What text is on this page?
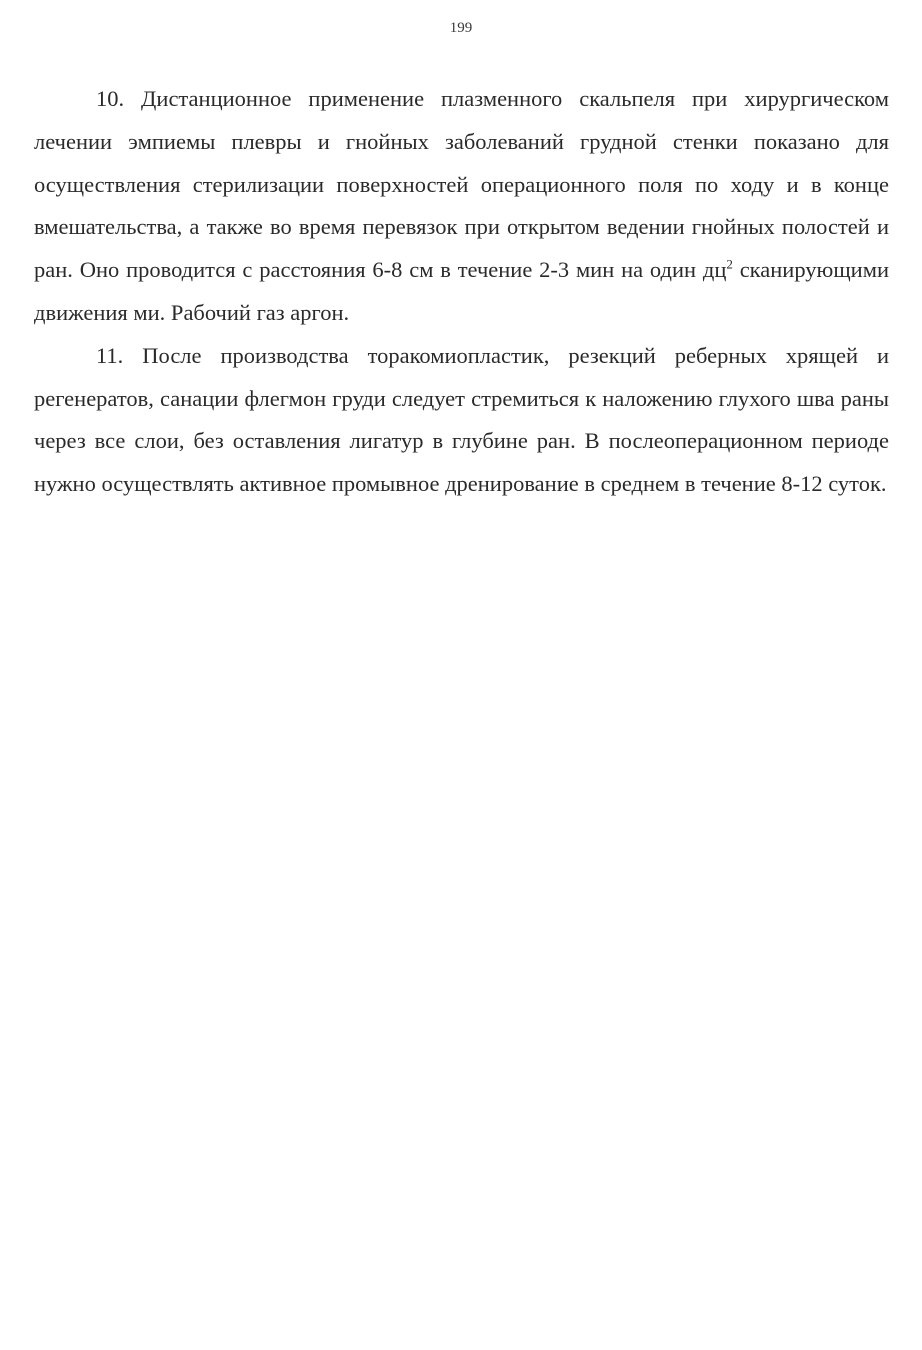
199

10. Дистанционное применение плазменного скальпеля при хирургическом лечении эмпиемы плевры и гнойных заболеваний грудной стенки показано для осуществления стерилизации поверхностей операционного поля по ходу и в конце вмешательства, а также во время перевязок при открытом ведении гнойных полостей и ран. Оно проводится с расстояния 6-8 см в течение 2-3 мин на один $дц^2$ сканирующими движения ми. Рабочий газ аргон.

11. После производства торакомиопластик, резекций реберных хрящей и регенератов, санации флегмон груди следует стремиться к наложению глухого шва раны через все слои, без оставления лигатур в глубине ран. В послеоперационном периоде нужно осуществлять активное промывное дренирование в среднем в течение 8-12 суток.
